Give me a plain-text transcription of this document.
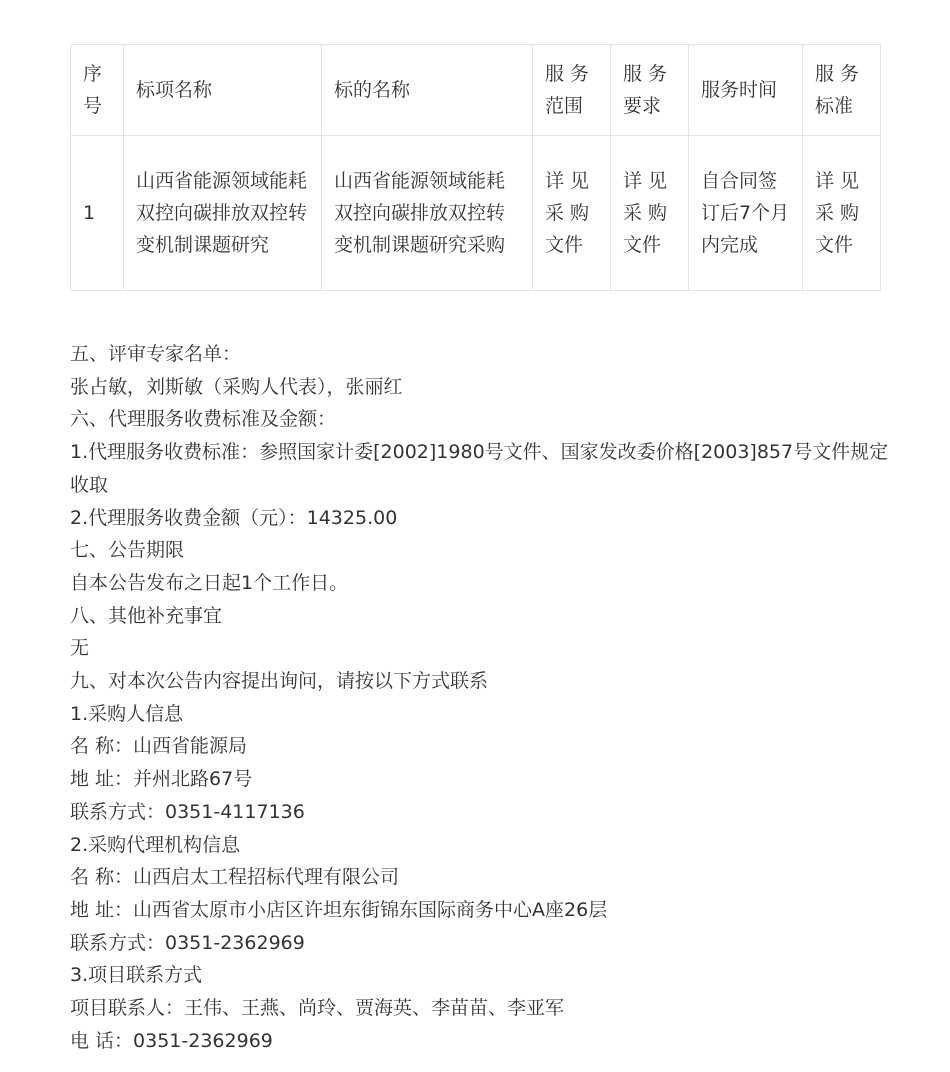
序号	标项名称	标的名称	服 务范围	服 务要求	服务时间	服 务标准
1	山西省能源领域能耗双控向碳排放双控转变机制课题研究	山西省能源领域能耗双控向碳排放双控转变机制课题研究采购	详 见 采 购 文件	详 见 采 购 文件	自合同签订后7个月内完成	详 见 采 购 文件

五、评审专家名单：

张占敏，刘斯敏（采购人代表），张丽红

六、代理服务收费标准及金额：

1.代理服务收费标准：参照国家计委[2002]1980号文件、国家发改委价格[2003]857号文件规定收取

2.代理服务收费金额（元）：14325.00

七、公告期限

自本公告发布之日起1个工作日。

八、其他补充事宜

无

九、对本次公告内容提出询问，请按以下方式联系

1.采购人信息

名 称：山西省能源局

地 址：并州北路67号

联系方式：0351-4117136

2.采购代理机构信息

名 称：山西启太工程招标代理有限公司

地 址：山西省太原市小店区许坦东街锦东国际商务中心A座26层

联系方式：0351-2362969

3.项目联系方式

项目联系人：王伟、王燕、尚玲、贾海英、李苗苗、李亚军

电 话：0351-2362969
